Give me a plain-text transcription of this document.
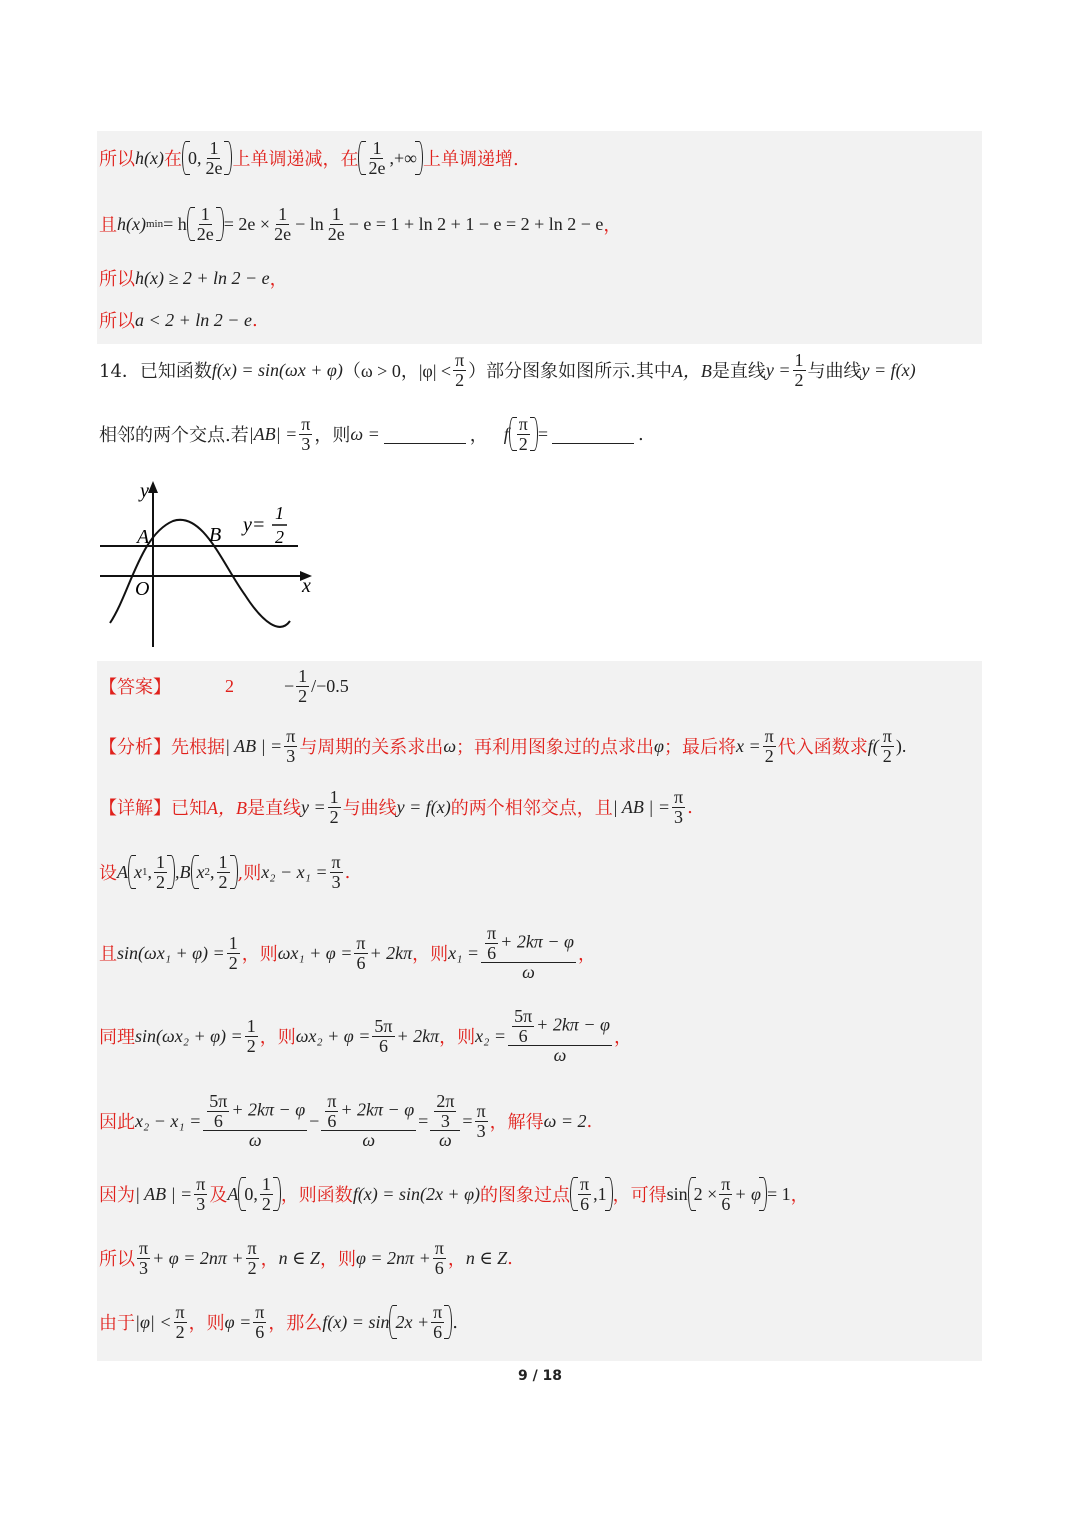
所以 h(x) 在 0, $\frac{1}{2e}$ 上单调递减，在 $\frac{1}{2e}$ ,+∞ 上单调递增.
且 h(x) min = h $\frac{1}{2e} = 2e \times \frac{1}{2e} - \ln \frac{1}{2e} - e = 1 + \ln 2 + 1 - e = 2 + \ln 2 - e$ ，
所以 h(x) ≥ 2 + ln 2 − e ，
所以 a < 2 + ln 2 − e .
14．已知函数 f(x) = sin(ωx + φ) （ω > 0，$|\varphi| < \frac{\pi}{2}$ ）部分图象如图所示.其中 A，B 是直线 $y = \frac{1}{2}$ 与曲线 y = f(x)
相邻的两个交点.若 $|AB| = \frac{\pi}{3}$ ，则 ω =	， f $\frac{\pi}{2}$ =	.
y
x
O
A	B y=
1
2
【答案】	2	− $\frac{1}{2} /-0.5$
【分析】 先根据 | AB | = $\frac{\pi}{3}$ 与周期的关系求出 ω ；再利用图象过的点求出 φ ；最后将 $x = \frac{\pi}{2}$ 代入函数求 $f( \frac{\pi}{2}$ ).
【详解】 已知 A，B 是直线 $y = \frac{1}{2}$ 与曲线 y = f(x) 的两个相邻交点，且 | AB | = $\frac{\pi}{3}$ .
设 A x 1 , $\frac{1}{2} ,B$ x 2 , $\frac{1}{2}$ ,则 $x_2 - x_1 = \frac{\pi}{3}$ .
且 $\sin(\omega x_1 + \varphi) = \frac{1}{2}$ ，则 $\omega x_1 + \varphi = \frac{\pi}{6} + 2k\pi$ ，则 $x_1 = \frac{\frac{\pi}{6} + 2k\pi - \varphi}{\omega}$ ，
同理 $\sin(\omega x_2 + \varphi) = \frac{1}{2}$ ，则 $\omega x_2 + \varphi = \frac{5\pi}{6} + 2k\pi$ ，则 $x_2 = \frac{\frac{5\pi}{6} + 2k\pi - \varphi}{\omega}$ ，
因此 $x_2 - x_1 = \frac{\frac{5\pi}{6} + 2k\pi - \varphi}{\omega} - \frac{\frac{\pi}{6} + 2k\pi - \varphi}{\omega} = \frac{\frac{2\pi}{3}}{\omega} = \frac{\pi}{3}$ ，解得 ω = 2 .
因为 | AB | = $\frac{\pi}{3}$ 及 A 0, $\frac{1}{2}$ ，则函数 f(x) = sin(2x + φ) 的图象过点 $\frac{\pi}{6} ,1$ ，可得 $\sin 2 \times \frac{\pi}{6} + \varphi = 1$ ，
所以 $\frac{\pi}{3} + \varphi = 2n\pi + \frac{\pi}{2}$ ， n ∈ Z ，则 $\varphi = 2n\pi + \frac{\pi}{6}$ ， n ∈ Z .
由于 $|\varphi| < \frac{\pi}{2}$ ，则 $\varphi = \frac{\pi}{6}$ ，那么 $f(x) = \sin 2x + \frac{\pi}{6}$ .
9 / 18
